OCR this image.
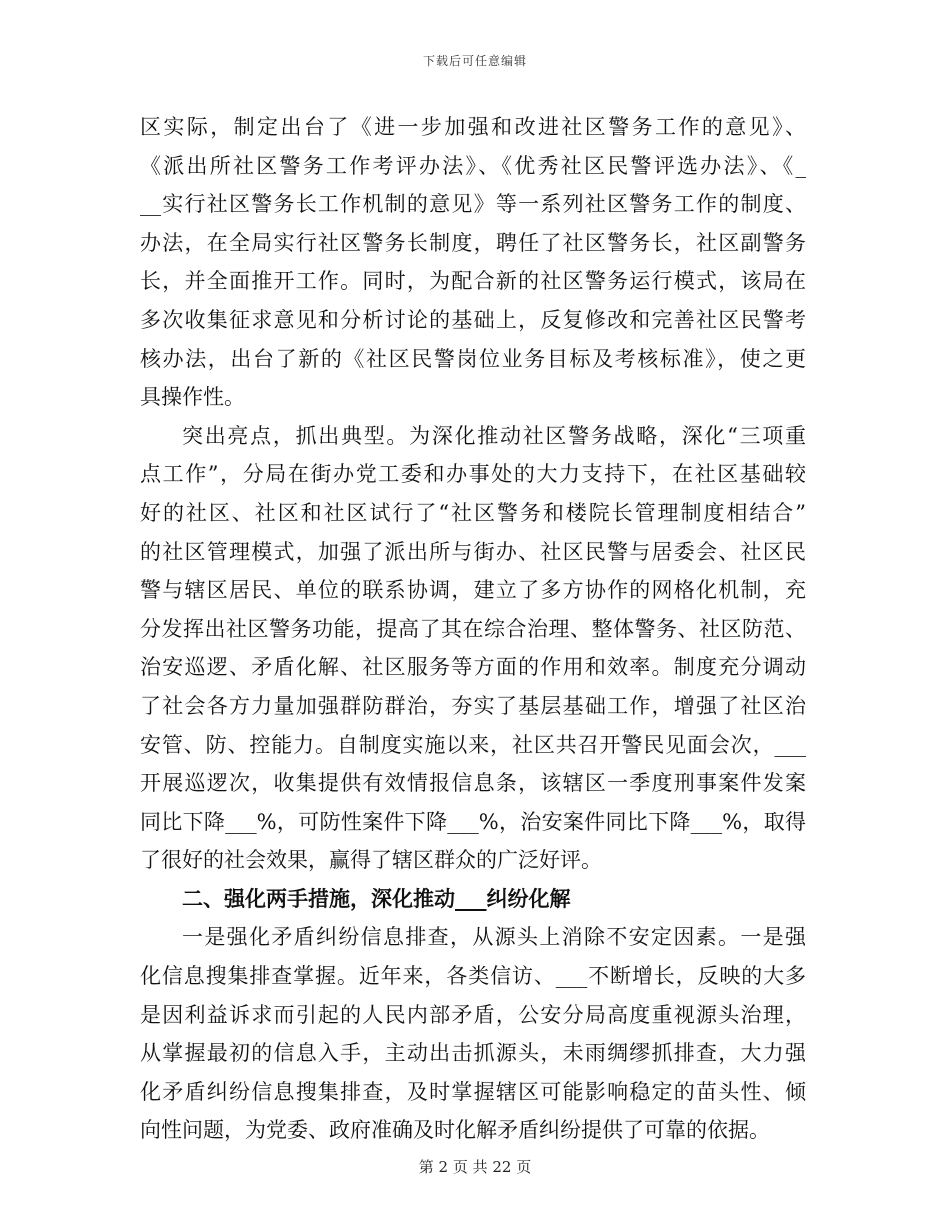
下载后可任意编辑
区实际，制定出台了《进一步加强和改进社区警务工作的意见》、
《派出所社区警务工作考评办法》、《优秀社区民警评选办法》、《_
__实行社区警务长工作机制的意见》等一系列社区警务工作的制度、
办法，在全局实行社区警务长制度，聘任了社区警务长，社区副警务
长，并全面推开工作。同时，为配合新的社区警务运行模式，该局在
多次收集征求意见和分析讨论的基础上，反复修改和完善社区民警考
核办法，出台了新的《社区民警岗位业务目标及考核标准》，使之更
具操作性。
突出亮点，抓出典型。为深化推动社区警务战略，深化“三项重
点工作”，分局在街办党工委和办事处的大力支持下，在社区基础较
好的社区、社区和社区试行了“社区警务和楼院长管理制度相结合”
的社区管理模式，加强了派出所与街办、社区民警与居委会、社区民
警与辖区居民、单位的联系协调，建立了多方协作的网格化机制，充
分发挥出社区警务功能，提高了其在综合治理、整体警务、社区防范、
治安巡逻、矛盾化解、社区服务等方面的作用和效率。制度充分调动
了社会各方力量加强群防群治，夯实了基层基础工作，增强了社区治
安管、防、控能力。自制度实施以来，社区共召开警民见面会次，___
开展巡逻次，收集提供有效情报信息条，该辖区一季度刑事案件发案
同比下降___%，可防性案件下降___%，治安案件同比下降___%，取得
了很好的社会效果，赢得了辖区群众的广泛好评。
二、强化两手措施，深化推动___纠纷化解
一是强化矛盾纠纷信息排查，从源头上消除不安定因素。一是强
化信息搜集排查掌握。近年来，各类信访、___不断增长，反映的大多
是因利益诉求而引起的人民内部矛盾，公安分局高度重视源头治理，
从掌握最初的信息入手，主动出击抓源头，未雨绸缪抓排查，大力强
化矛盾纠纷信息搜集排查，及时掌握辖区可能影响稳定的苗头性、倾
向性问题，为党委、政府准确及时化解矛盾纠纷提供了可靠的依据。
第 2 页 共 22 页
